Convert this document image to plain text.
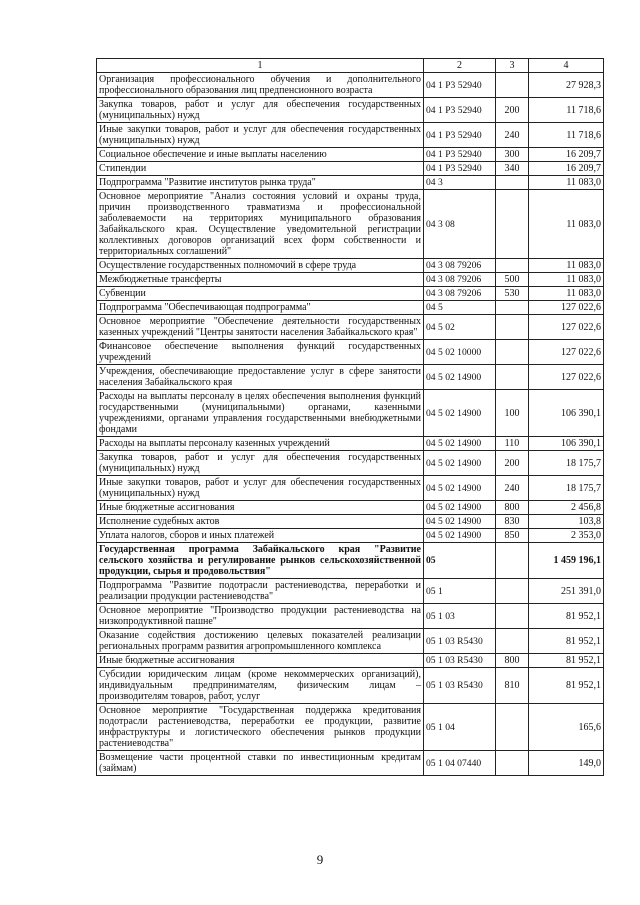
1	2	3	4
Организация профессионального обучения и дополнительного профессионального образования лиц предпенсионного возраста	04 1 P3 52940		27 928,3
Закупка товаров, работ и услуг для обеспечения государственных (муниципальных) нужд	04 1 P3 52940	200	11 718,6
Иные закупки товаров, работ и услуг для обеспечения государственных (муниципальных) нужд	04 1 P3 52940	240	11 718,6
Социальное обеспечение и иные выплаты населению	04 1 P3 52940	300	16 209,7
Стипендии	04 1 P3 52940	340	16 209,7
Подпрограмма "Развитие институтов рынка труда"	04 3		11 083,0
Основное мероприятие "Анализ состояния условий и охраны труда, причин производственного травматизма и профессиональной заболеваемости на территориях муниципального образования Забайкальского края. Осуществление уведомительной регистрации коллективных договоров организаций всех форм собственности и территориальных соглашений"	04 3 08		11 083,0
Осуществление государственных полномочий в сфере труда	04 3 08 79206		11 083,0
Межбюджетные трансферты	04 3 08 79206	500	11 083,0
Субвенции	04 3 08 79206	530	11 083,0
Подпрограмма "Обеспечивающая подпрограмма"	04 5		127 022,6
Основное мероприятие "Обеспечение деятельности государственных казенных учреждений "Центры занятости населения Забайкальского края"	04 5 02		127 022,6
Финансовое обеспечение выполнения функций государственных учреждений	04 5 02 10000		127 022,6
Учреждения, обеспечивающие предоставление услуг в сфере занятости населения Забайкальского края	04 5 02 14900		127 022,6
Расходы на выплаты персоналу в целях обеспечения выполнения функций государственными (муниципальными) органами, казенными учреждениями, органами управления государственными внебюджетными фондами	04 5 02 14900	100	106 390,1
Расходы на выплаты персоналу казенных учреждений	04 5 02 14900	110	106 390,1
Закупка товаров, работ и услуг для обеспечения государственных (муниципальных) нужд	04 5 02 14900	200	18 175,7
Иные закупки товаров, работ и услуг для обеспечения государственных (муниципальных) нужд	04 5 02 14900	240	18 175,7
Иные бюджетные ассигнования	04 5 02 14900	800	2 456,8
Исполнение судебных актов	04 5 02 14900	830	103,8
Уплата налогов, сборов и иных платежей	04 5 02 14900	850	2 353,0
Государственная программа Забайкальского края "Развитие сельского хозяйства и регулирование рынков сельскохозяйственной продукции, сырья и продовольствия"	05		1 459 196,1
Подпрограмма "Развитие подотрасли растениеводства, переработки и реализации продукции растениеводства"	05 1		251 391,0
Основное мероприятие "Производство продукции растениеводства на низкопродуктивной пашне"	05 1 03		81 952,1
Оказание содействия достижению целевых показателей реализации региональных программ развития агропромышленного комплекса	05 1 03 R5430		81 952,1
Иные бюджетные ассигнования	05 1 03 R5430	800	81 952,1
Субсидии юридическим лицам (кроме некоммерческих организаций), индивидуальным предпринимателям, физическим лицам – производителям товаров, работ, услуг	05 1 03 R5430	810	81 952,1
Основное мероприятие "Государственная поддержка кредитования подотрасли растениеводства, переработки ее продукции, развитие инфраструктуры и логистического обеспечения рынков продукции растениеводства"	05 1 04		165,6
Возмещение части процентной ставки по инвестиционным кредитам (займам)	05 1 04 07440		149,0
9
